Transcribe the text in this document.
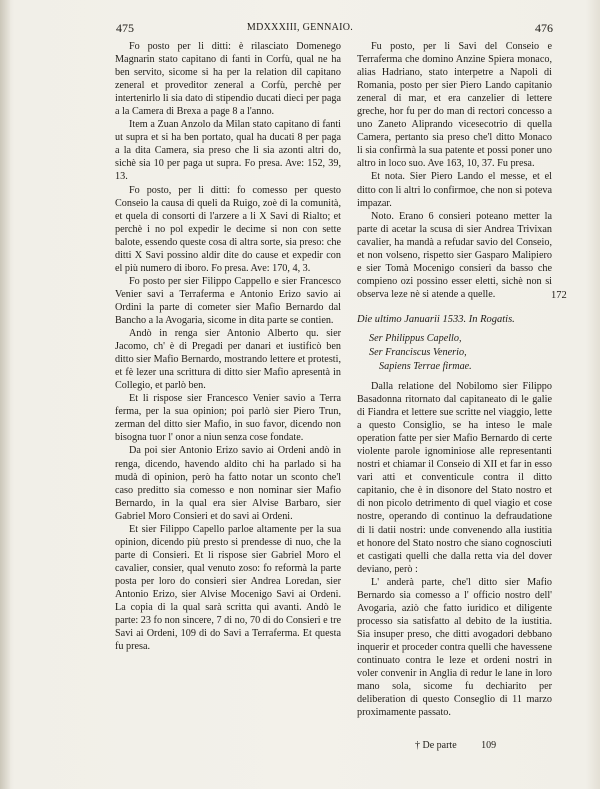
475	MDXXXIII, GENNAIO.	476

Fo posto per li ditti: è rilasciato Domenego Magnarin stato capitano di fanti in Corfù, qual ne ha ben servito, sicome si ha per la relation dil capitano zeneral et proveditor zeneral a Corfù, perchè per intertenirlo li sia dato di stipendio ducati dieci per paga a la Camera di Brexa a page 8 a l'anno.

Item a Zuan Anzolo da Milan stato capitano di fanti ut supra et si ha ben portato, qual ha ducati 8 per paga a la dita Camera, sia preso che li sia azonti altri do, sichè sia 10 per paga ut supra. Fo presa. Ave: 152, 39, 13.

Fo posto, per li ditti: fo comesso per questo Conseio la causa di queli da Ruigo, zoè di la comunità, et quela di consorti di l'arzere a li X Savi di Rialto; et perchè i no pol expedir le decime si non con sette balote, essendo queste cosa di altra sorte, sia preso: che ditti X Savi possino aldir dite do cause et expedir con el più numero di iboro. Fo presa. Ave: 170, 4, 3.

Fo posto per sier Filippo Cappello e sier Francesco Venier savi a Terraferma e Antonio Erizo savio ai Ordini la parte di cometer sier Mafio Bernardo dal Bancho a la Avogaria, sicome in dita parte se contien.

Andò in renga sier Antonio Alberto qu. sier Jacomo, ch' è di Pregadi per danari et iustificò ben ditto sier Mafio Bernardo, mostrando lettere et protesti, et fè lezer una scrittura di ditto sier Mafio apresentà in Collegio, et parlò ben.

Et li rispose sier Francesco Venier savio a Terra ferma, per la sua opinion; poi parlò sier Piero Trun, zerman del ditto sier Mafio, in suo favor, dicendo non bisogna tuor l' onor a niun senza cose fondate.

Da poi sier Antonio Erizo savio ai Ordeni andò in renga, dicendo, havendo aldito chi ha parlado si ha mudà di opinion, però ha fatto notar un sconto che'l caso preditto sia comesso e non nominar sier Mafio Bernardo, in la qual era sier Alvise Barbaro, sier Gabriel Moro Consieri et do savi ai Ordeni.

Et sier Filippo Capello parloe altamente per la sua opinion, dicendo più presto si prendesse di nuo, che la parte di Consieri. Et li rispose sier Gabriel Moro el cavalier, consier, qual venuto zoso: fo reformà la parte posta per loro do consieri sier Andrea Loredan, sier Antonio Erizo, sier Alvise Mocenigo Savi ai Ordeni. La copia di la qual sarà scritta qui avanti. Andò le parte: 23 fo non sincere, 7 di no, 70 di do Consieri e tre Savi ai Ordeni, 109 di do Savi a Terraferma. Et questa fu presa.

Fu posto, per li Savi del Conseio e Terraferma che domino Anzine Spiera monaco, alias Hadriano, stato interpetre a Napoli di Romania, posto per sier Piero Lando capitanio zeneral di mar, et era canzelier di lettere greche, hor fu per do man di rectori concesso a uno Zaneto Aliprando vicesecotrio di quella Camera, pertanto sia preso che'l ditto Monaco li sia confirmà la sua patente et possi poner uno altro in loco suo. Ave 163, 10, 37. Fu presa.

Et nota. Sier Piero Lando el messe, et el ditto con li altri lo confirmoe, che non si poteva impazar.

Noto. Erano 6 consieri poteano metter la parte di acetar la scusa di sier Andrea Trivixan cavalier, ha mandà a refudar savio del Conseio, et non volseno, rispetto sier Gasparo Malipiero e sier Tomà Mocenigo consieri da basso che compieno ozi possino esser eletti, sichè non si observa leze nè si atende a quelle.

Die ultimo Januarii 1533. In Rogatis.
Ser Philippus Capello,
Ser Franciscus Venerio,
Sapiens Terrae firmae.

Dalla relatione del Nobilomo sier Filippo Basadonna ritornato dal capitaneato di le galie di Fiandra et lettere sue scritte nel viaggio, lette a questo Consiglio, se ha inteso le male operation fatte per sier Mafio Bernardo di certe violente parole ignominiose alle representanti nostri et chiamar il Conseio di XII et far in esso vari atti et conventicule contra il ditto capitanio, che è in disonore del Stato nostro et di non picolo detrimento di quel viagio et cose nostre, operando di continuo la defraudatione di li datii nostri: unde convenendo alla iustitia et honore del Stato nostro che siano cognosciuti et castigati quelli che dalla retta via del dover deviano, però :

L' anderà parte, che'l ditto sier Mafio Bernardo sia comesso a l' officio nostro dell' Avogaria, aziò che fatto iuridico et diligente processo sia satisfatto al debito de la iustitia. Sia insuper preso, che ditti avogadori debbano inquerir et proceder contra quelli che havessene continuato contra le leze et ordeni nostri in voler convenir in Anglia di redur le lane in loro mano sola, sicome fu dechiarito per deliberation di questo Conseglio di 11 marzo proximamente passato.

172
† De parte 109
